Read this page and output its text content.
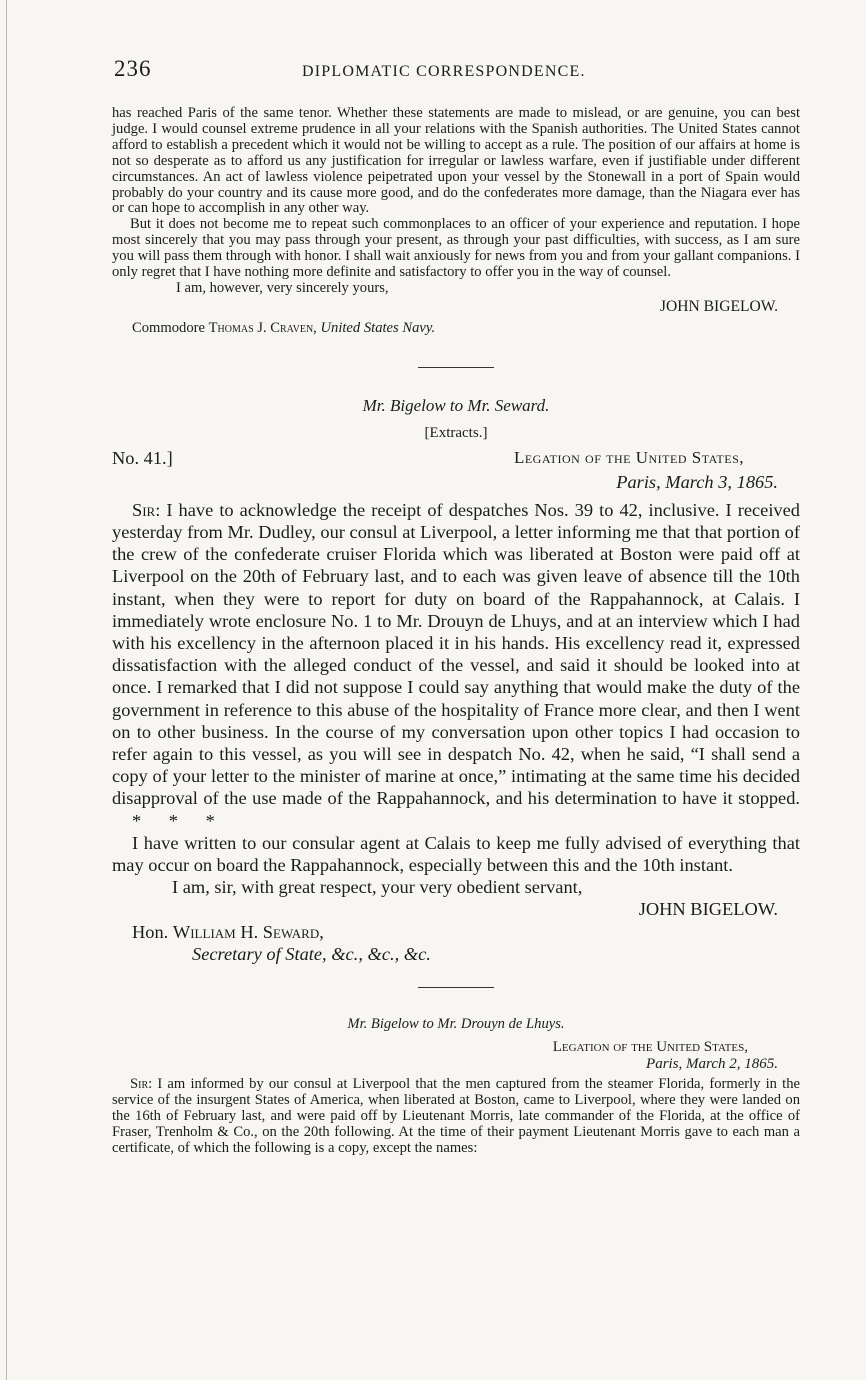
236	DIPLOMATIC CORRESPONDENCE.

has reached Paris of the same tenor. Whether these statements are made to mislead, or are genuine, you can best judge. I would counsel extreme prudence in all your relations with the Spanish authorities. The United States cannot afford to establish a precedent which it would not be willing to accept as a rule. The position of our affairs at home is not so desperate as to afford us any justification for irregular or lawless warfare, even if justifiable under different circumstances. An act of lawless violence peipetrated upon your vessel by the Stonewall in a port of Spain would probably do your country and its cause more good, and do the confederates more damage, than the Niagara ever has or can hope to accomplish in any other way.

But it does not become me to repeat such commonplaces to an officer of your experience and reputation. I hope most sincerely that you may pass through your present, as through your past difficulties, with success, as I am sure you will pass them through with honor. I shall wait anxiously for news from you and from your gallant companions. I only regret that I have nothing more definite and satisfactory to offer you in the way of counsel.

I am, however, very sincerely yours,

JOHN BIGELOW.
Commodore Thomas J. Craven, United States Navy.
Mr. Bigelow to Mr. Seward.
[Extracts.]
No. 41.]	Legation of the United States,
Paris, March 3, 1865.

Sir: I have to acknowledge the receipt of despatches Nos. 39 to 42, inclusive. I received yesterday from Mr. Dudley, our consul at Liverpool, a letter informing me that that portion of the crew of the confederate cruiser Florida which was liberated at Boston were paid off at Liverpool on the 20th of February last, and to each was given leave of absence till the 10th instant, when they were to report for duty on board of the Rappahannock, at Calais. I immediately wrote enclosure No. 1 to Mr. Drouyn de Lhuys, and at an interview which I had with his excellency in the afternoon placed it in his hands. His excellency read it, expressed dissatisfaction with the alleged conduct of the vessel, and said it should be looked into at once. I remarked that I did not suppose I could say anything that would make the duty of the government in reference to this abuse of the hospitality of France more clear, and then I went on to other business. In the course of my conversation upon other topics I had occasion to refer again to this vessel, as you will see in despatch No. 42, when he said, “I shall send a copy of your letter to the minister of marine at once,” intimating at the same time his decided disapproval of the use made of the Rappahannock, and his determination to have it stopped. *      *      *

I have written to our consular agent at Calais to keep me fully advised of everything that may occur on board the Rappahannock, especially between this and the 10th instant.

I am, sir, with great respect, your very obedient servant,

JOHN BIGELOW.
Hon. William H. Seward,
Secretary of State, &c., &c., &c.
Mr. Bigelow to Mr. Drouyn de Lhuys.
Legation of the United States,
Paris, March 2, 1865.

Sir: I am informed by our consul at Liverpool that the men captured from the steamer Florida, formerly in the service of the insurgent States of America, when liberated at Boston, came to Liverpool, where they were landed on the 16th of February last, and were paid off by Lieutenant Morris, late commander of the Florida, at the office of Fraser, Trenholm & Co., on the 20th following. At the time of their payment Lieutenant Morris gave to each man a certificate, of which the following is a copy, except the names:
